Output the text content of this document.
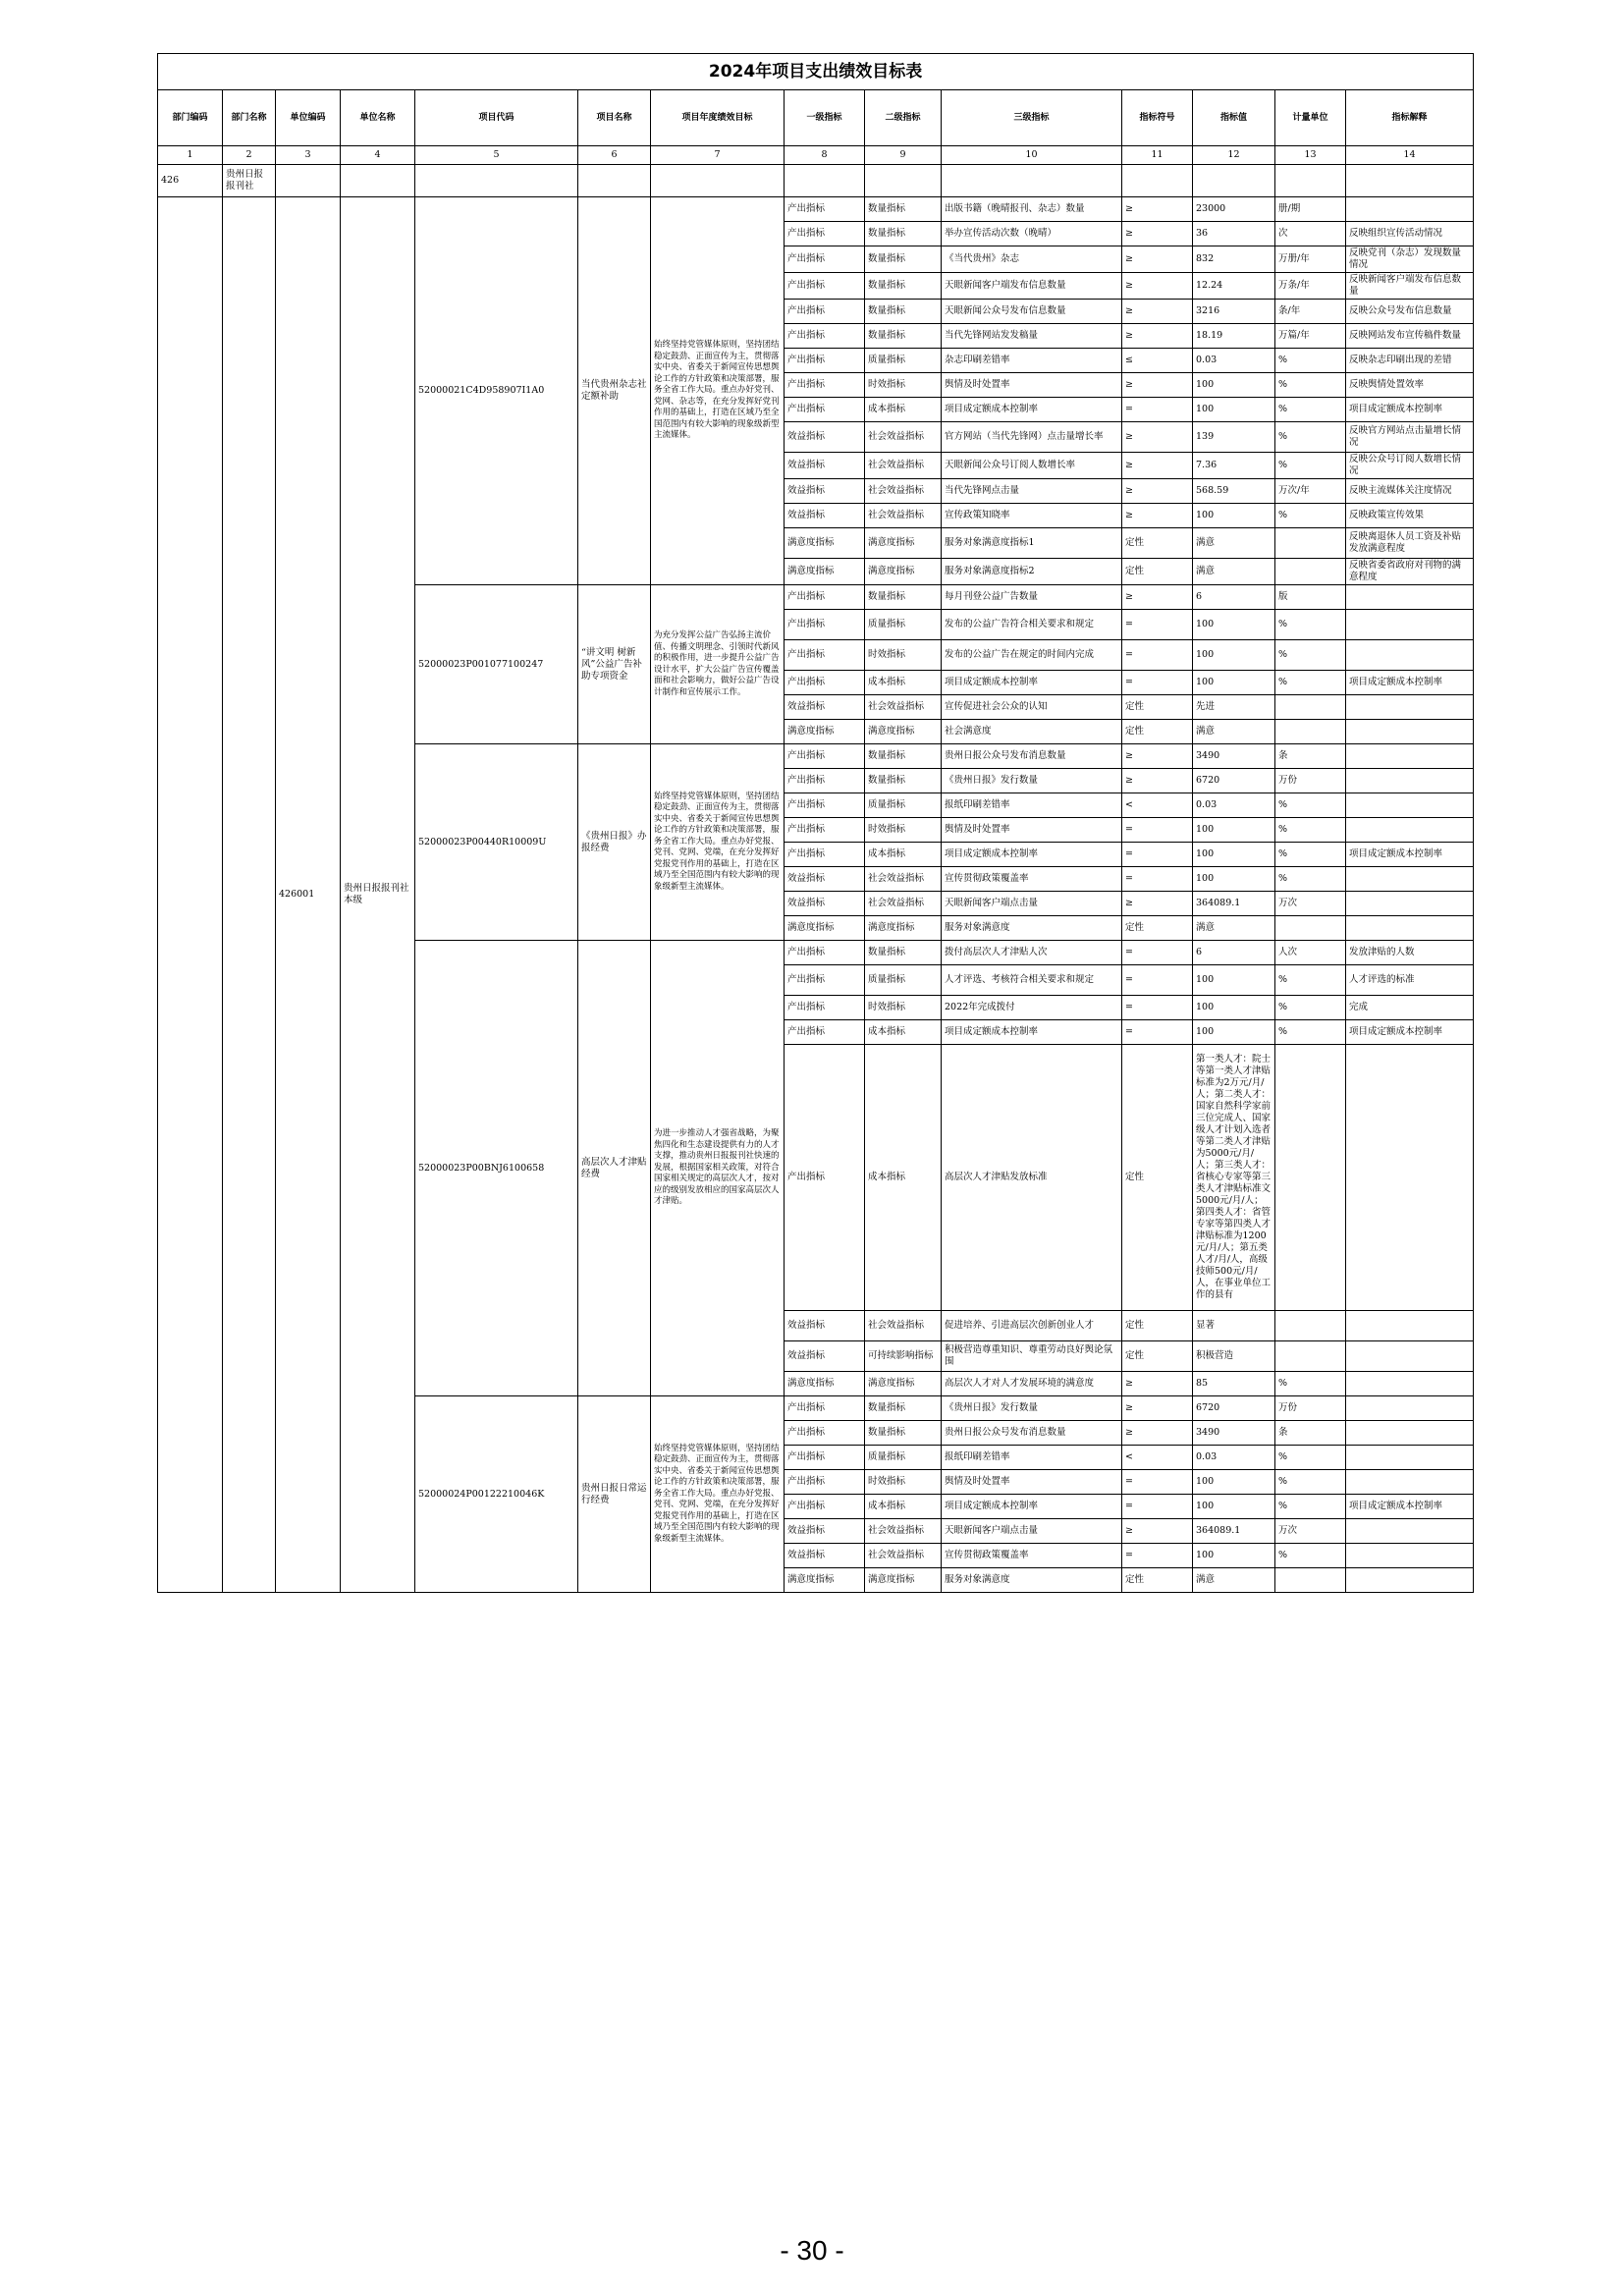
2024年项目支出绩效目标表													
部门编码	部门名称	单位编码	单位名称	项目代码	项目名称	项目年度绩效目标	一级指标	二级指标	三级指标	指标符号	指标值	计量单位	指标解释
1	2	3	4	5	6	7	8	9	10	11	12	13	14
426	贵州日报报刊社												
		426001	贵州日报报刊社本级	52000021C4D958907I1A0	当代贵州杂志社定额补助	始终坚持党管媒体原则，坚持团结稳定鼓劲、正面宣传为主，贯彻落实中央、省委关于新闻宣传思想舆论工作的方针政策和决策部署，服务全省工作大局。重点办好党刊、党网、杂志等，在充分发挥好党刊作用的基础上，打造在区域乃至全国范围内有较大影响的现象级新型主流媒体。	产出指标	数量指标	出版书籍（晚晴报刊、杂志）数量	≥	23000	册/期	
							产出指标	数量指标	举办宣传活动次数（晚晴）	≥	36	次	反映组织宣传活动情况
							产出指标	数量指标	《当代贵州》杂志	≥	832	万册/年	反映党刊（杂志）发现数量情况
							产出指标	数量指标	天眼新闻客户端发布信息数量	≥	12.24	万条/年	反映新闻客户端发布信息数量
							产出指标	数量指标	天眼新闻公众号发布信息数量	≥	3216	条/年	反映公众号发布信息数量
							产出指标	数量指标	当代先锋网站发发稿量	≥	18.19	万篇/年	反映网站发布宣传稿件数量
							产出指标	质量指标	杂志印刷差错率	≤	0.03	%	反映杂志印刷出现的差错
							产出指标	时效指标	舆情及时处置率	≥	100	%	反映舆情处置效率
							产出指标	成本指标	项目成定额成本控制率	=	100	%	项目成定额成本控制率
							效益指标	社会效益指标	官方网站（当代先锋网）点击量增长率	≥	139	%	反映官方网站点击量增长情况
							效益指标	社会效益指标	天眼新闻公众号订阅人数增长率	≥	7.36	%	反映公众号订阅人数增长情况
							效益指标	社会效益指标	当代先锋网点击量	≥	568.59	万次/年	反映主流媒体关注度情况
							效益指标	社会效益指标	宣传政策知晓率	≥	100	%	反映政策宣传效果
							满意度指标	满意度指标	服务对象满意度指标1	定性	满意		反映离退休人员工资及补贴发放满意程度
							满意度指标	满意度指标	服务对象满意度指标2	定性	满意		反映省委省政府对刊物的满意程度
				52000023P001077100247	“讲文明 树新风”公益广告补助专项资金	为充分发挥公益广告弘扬主流价值、传播文明理念、引领时代新风的积极作用，进一步提升公益广告设计水平，扩大公益广告宣传覆盖面和社会影响力，做好公益广告设计制作和宣传展示工作。	产出指标	数量指标	每月刊登公益广告数量	≥	6	版	
							产出指标	质量指标	发布的公益广告符合相关要求和规定	=	100	%	
							产出指标	时效指标	发布的公益广告在规定的时间内完成	=	100	%	
							产出指标	成本指标	项目成定额成本控制率	=	100	%	项目成定额成本控制率
							效益指标	社会效益指标	宣传促进社会公众的认知	定性	先进		
							满意度指标	满意度指标	社会满意度	定性	满意		
				52000023P00440R10009U	《贵州日报》办报经费	始终坚持党管媒体原则，坚持团结稳定鼓劲、正面宣传为主，贯彻落实中央、省委关于新闻宣传思想舆论工作的方针政策和决策部署，服务全省工作大局。重点办好党报、党刊、党网、党端，在充分发挥好党报党刊作用的基础上，打造在区域乃至全国范围内有较大影响的现象级新型主流媒体。	产出指标	数量指标	贵州日报公众号发布消息数量	≥	3490	条	
							产出指标	数量指标	《贵州日报》发行数量	≥	6720	万份	
							产出指标	质量指标	报纸印刷差错率	<	0.03	%	
							产出指标	时效指标	舆情及时处置率	=	100	%	
							产出指标	成本指标	项目成定额成本控制率	=	100	%	项目成定额成本控制率
							效益指标	社会效益指标	宣传贯彻政策覆盖率	=	100	%	
							效益指标	社会效益指标	天眼新闻客户端点击量	≥	364089.1	万次	
							满意度指标	满意度指标	服务对象满意度	定性	满意		
				52000023P00BNJ6100658	高层次人才津贴经费	为进一步推动人才强省战略，为聚焦四化和生态建设提供有力的人才支撑，推动贵州日报报刊社快速的发展，根据国家相关政策，对符合国家相关规定的高层次人才，按对应的级别发放相应的国家高层次人才津贴。	产出指标	数量指标	拨付高层次人才津贴人次	=	6	人次	发放津贴的人数
							产出指标	质量指标	人才评选、考核符合相关要求和规定	=	100	%	人才评选的标准
							产出指标	时效指标	2022年完成拨付	=	100	%	完成
							产出指标	成本指标	项目成定额成本控制率	=	100	%	项目成定额成本控制率
							产出指标	成本指标	高层次人才津贴发放标准	定性	第一类人才：院士等第一类人才津贴标准为2万元/月/人；第二类人才：国家自然科学家前三位完成人、国家级人才计划入选者等第二类人才津贴为5000元/月/人；第三类人才：省核心专家等第三类人才津贴标准文5000元/月/人；第四类人才：省管专家等第四类人才津贴标准为1200元/月/人；第五类人才/月/人，高级技师500元/月/人，在事业单位工作的县有		
							效益指标	社会效益指标	促进培养、引进高层次创新创业人才	定性	显著		
							效益指标	可持续影响指标	积极营造尊重知识、尊重劳动良好舆论氛围	定性	积极营造		
							满意度指标	满意度指标	高层次人才对人才发展环境的满意度	≥	85	%	
				52000024P00122210046K	贵州日报日常运行经费	始终坚持党管媒体原则，坚持团结稳定鼓劲、正面宣传为主，贯彻落实中央、省委关于新闻宣传思想舆论工作的方针政策和决策部署，服务全省工作大局。重点办好党报、党刊、党网、党端，在充分发挥好党报党刊作用的基础上，打造在区域乃至全国范围内有较大影响的现象级新型主流媒体。	产出指标	数量指标	《贵州日报》发行数量	≥	6720	万份	
							产出指标	数量指标	贵州日报公众号发布消息数量	≥	3490	条	
							产出指标	质量指标	报纸印刷差错率	<	0.03	%	
							产出指标	时效指标	舆情及时处置率	=	100	%	
							产出指标	成本指标	项目成定额成本控制率	=	100	%	项目成定额成本控制率
							效益指标	社会效益指标	天眼新闻客户端点击量	≥	364089.1	万次	
							效益指标	社会效益指标	宣传贯彻政策覆盖率	=	100	%	
							满意度指标	满意度指标	服务对象满意度	定性	满意		
- 30 -
